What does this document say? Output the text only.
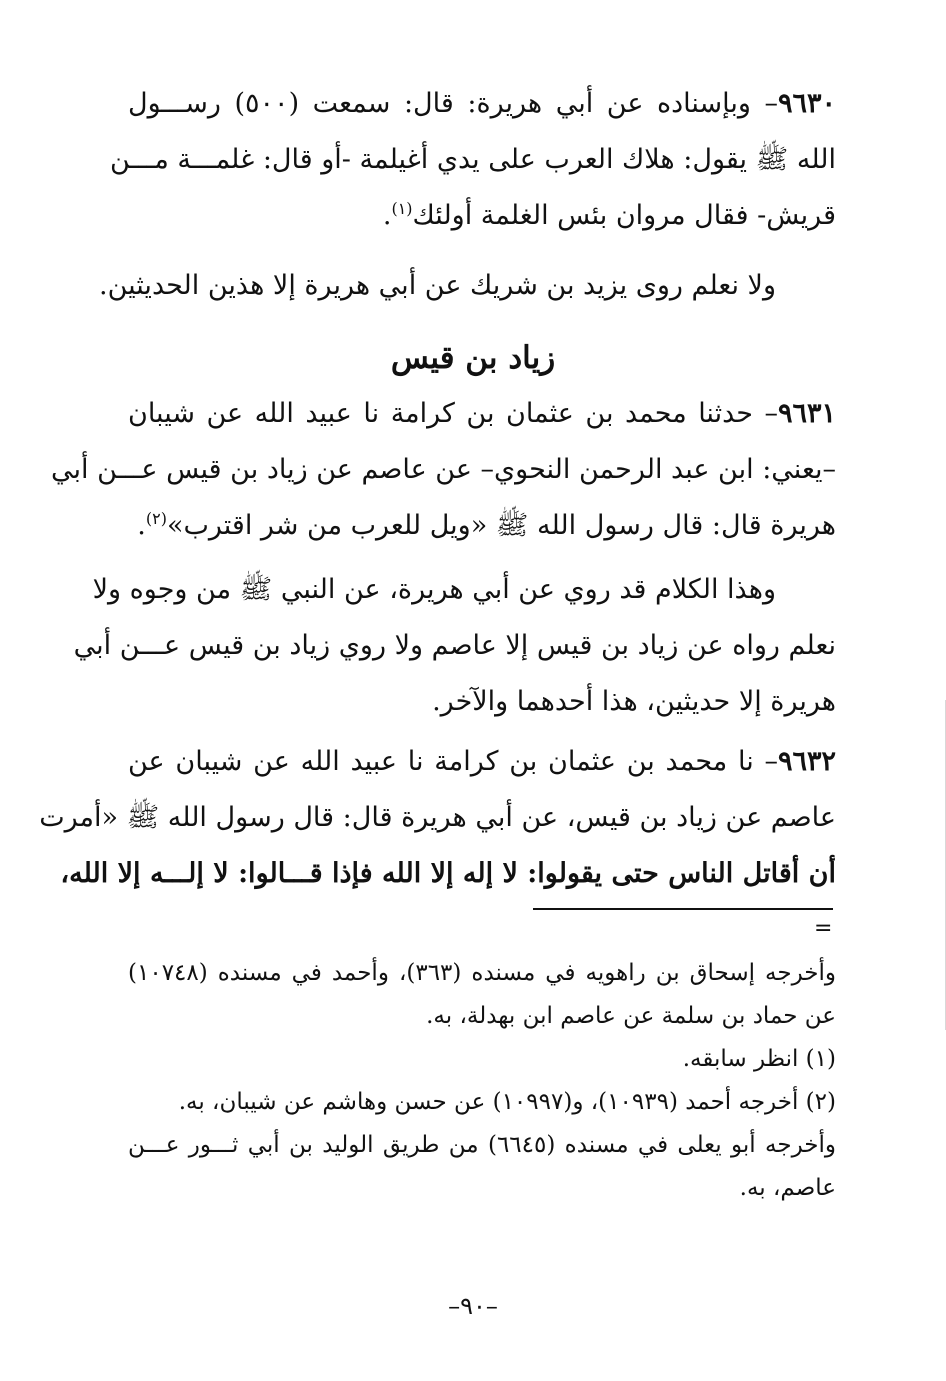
٩٦٣٠– وبإسناده عن أبي هريرة: قال: سمعت (٥٠٠) رســـول
الله ﷺ يقول: هلاك العرب على يدي أغيلمة -أو قال: غلمـــة مـــن
قريش- فقال مروان بئس الغلمة أولئك$^{(١)}$.
ولا نعلم روى يزيد بن شريك عن أبي هريرة إلا هذين الحديثين.
زياد بن قيس
٩٦٣١– حدثنا محمد بن عثمان بن كرامة نا عبيد الله عن شيبان
–يعني: ابن عبد الرحمن النحوي– عن عاصم عن زياد بن قيس عـــن أبي
هريرة قال: قال رسول الله ﷺ «ويل للعرب من شر اقترب»$^{(٢)}$.
وهذا الكلام قد روي عن أبي هريرة، عن النبي ﷺ من وجوه ولا
نعلم رواه عن زياد بن قيس إلا عاصم ولا روي زياد بن قيس عـــن أبي
هريرة إلا حديثين، هذا أحدهما والآخر.
٩٦٣٢– نا محمد بن عثمان بن كرامة نا عبيد الله عن شيبان عن
عاصم عن زياد بن قيس، عن أبي هريرة قال: قال رسول الله ﷺ «أمرت
أن أقاتل الناس حتى يقولوا: لا إله إلا الله فإذا قـــالوا: لا إلـــه إلا الله،
=
وأخرجه إسحاق بن راهويه في مسنده (٣٦٣)، وأحمد في مسنده (١٠٧٤٨)
عن حماد بن سلمة عن عاصم ابن بهدلة، به.
(١) انظر سابقه.
(٢) أخرجه أحمد (١٠٩٣٩)، و(١٠٩٩٧) عن حسن وهاشم عن شيبان، به.
وأخرجه أبو يعلى في مسنده (٦٦٤٥) من طريق الوليد بن أبي ثـــور عـــن
عاصم، به.
–٩٠–
